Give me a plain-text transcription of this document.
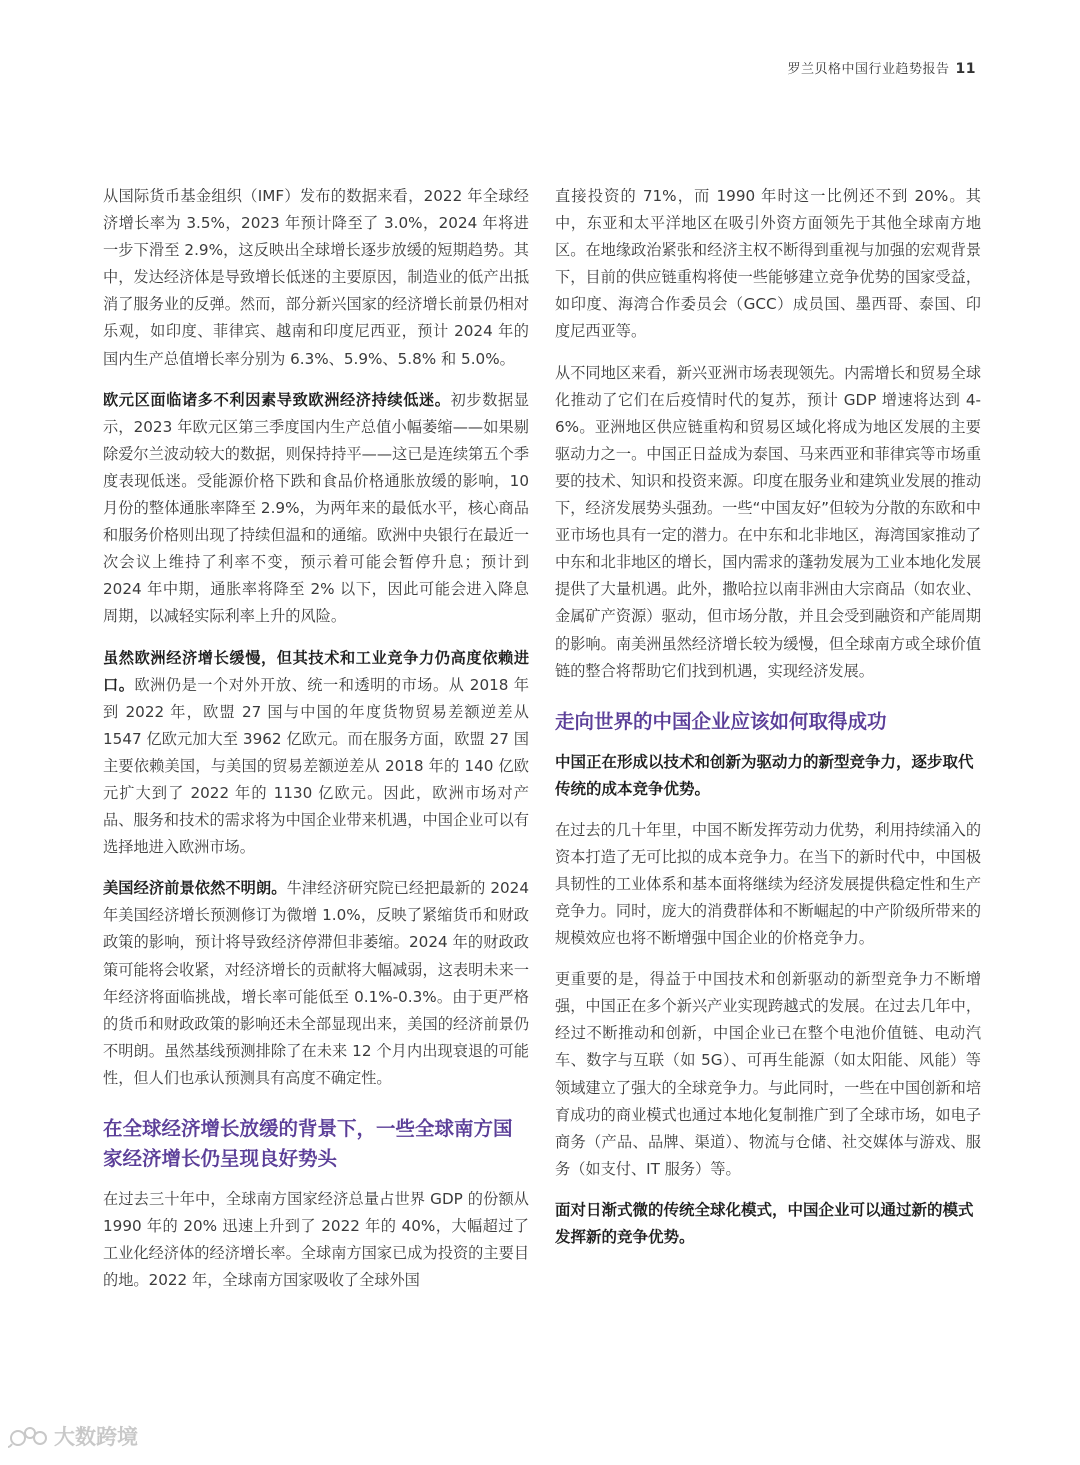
罗兰贝格中国行业趋势报告 11

从国际货币基金组织（IMF）发布的数据来看，2022 年全球经济增长率为 3.5%，2023 年预计降至了 3.0%，2024 年将进一步下滑至 2.9%，这反映出全球增长逐步放缓的短期趋势。其中，发达经济体是导致增长低迷的主要原因，制造业的低产出抵消了服务业的反弹。然而，部分新兴国家的经济增长前景仍相对乐观，如印度、菲律宾、越南和印度尼西亚，预计 2024 年的国内生产总值增长率分别为 6.3%、5.9%、5.8% 和 5.0%。

欧元区面临诸多不利因素导致欧洲经济持续低迷。初步数据显示，2023 年欧元区第三季度国内生产总值小幅萎缩——如果剔除爱尔兰波动较大的数据，则保持持平——这已是连续第五个季度表现低迷。受能源价格下跌和食品价格通胀放缓的影响，10 月份的整体通胀率降至 2.9%，为两年来的最低水平，核心商品和服务价格则出现了持续但温和的通缩。欧洲中央银行在最近一次会议上维持了利率不变，预示着可能会暂停升息；预计到 2024 年中期，通胀率将降至 2% 以下，因此可能会进入降息周期，以减轻实际利率上升的风险。

虽然欧洲经济增长缓慢，但其技术和工业竞争力仍高度依赖进口。欧洲仍是一个对外开放、统一和透明的市场。从 2018 年到 2022 年，欧盟 27 国与中国的年度货物贸易差额逆差从 1547 亿欧元加大至 3962 亿欧元。而在服务方面，欧盟 27 国主要依赖美国，与美国的贸易差额逆差从 2018 年的 140 亿欧元扩大到了 2022 年的 1130 亿欧元。因此，欧洲市场对产品、服务和技术的需求将为中国企业带来机遇，中国企业可以有选择地进入欧洲市场。

美国经济前景依然不明朗。牛津经济研究院已经把最新的 2024 年美国经济增长预测修订为微增 1.0%，反映了紧缩货币和财政政策的影响，预计将导致经济停滞但非萎缩。2024 年的财政政策可能将会收紧，对经济增长的贡献将大幅减弱，这表明未来一年经济将面临挑战，增长率可能低至 0.1%-0.3%。由于更严格的货币和财政政策的影响还未全部显现出来，美国的经济前景仍不明朗。虽然基线预测排除了在未来 12 个月内出现衰退的可能性，但人们也承认预测具有高度不确定性。

在全球经济增长放缓的背景下，一些全球南方国家经济增长仍呈现良好势头

在过去三十年中，全球南方国家经济总量占世界 GDP 的份额从 1990 年的 20% 迅速上升到了 2022 年的 40%，大幅超过了工业化经济体的经济增长率。全球南方国家已成为投资的主要目的地。2022 年，全球南方国家吸收了全球外国

直接投资的 71%，而 1990 年时这一比例还不到 20%。其中，东亚和太平洋地区在吸引外资方面领先于其他全球南方地区。在地缘政治紧张和经济主权不断得到重视与加强的宏观背景下，目前的供应链重构将使一些能够建立竞争优势的国家受益，如印度、海湾合作委员会（GCC）成员国、墨西哥、泰国、印度尼西亚等。

从不同地区来看，新兴亚洲市场表现领先。内需增长和贸易全球化推动了它们在后疫情时代的复苏，预计 GDP 增速将达到 4-6%。亚洲地区供应链重构和贸易区域化将成为地区发展的主要驱动力之一。中国正日益成为泰国、马来西亚和菲律宾等市场重要的技术、知识和投资来源。印度在服务业和建筑业发展的推动下，经济发展势头强劲。一些“中国友好”但较为分散的东欧和中亚市场也具有一定的潜力。在中东和北非地区，海湾国家推动了中东和北非地区的增长，国内需求的蓬勃发展为工业本地化发展提供了大量机遇。此外，撒哈拉以南非洲由大宗商品（如农业、金属矿产资源）驱动，但市场分散，并且会受到融资和产能周期的影响。南美洲虽然经济增长较为缓慢，但全球南方或全球价值链的整合将帮助它们找到机遇，实现经济发展。

走向世界的中国企业应该如何取得成功
中国正在形成以技术和创新为驱动力的新型竞争力，逐步取代传统的成本竞争优势。

在过去的几十年里，中国不断发挥劳动力优势，利用持续涌入的资本打造了无可比拟的成本竞争力。在当下的新时代中，中国极具韧性的工业体系和基本面将继续为经济发展提供稳定性和生产竞争力。同时，庞大的消费群体和不断崛起的中产阶级所带来的规模效应也将不断增强中国企业的价格竞争力。

更重要的是，得益于中国技术和创新驱动的新型竞争力不断增强，中国正在多个新兴产业实现跨越式的发展。在过去几年中，经过不断推动和创新，中国企业已在整个电池价值链、电动汽车、数字与互联（如 5G）、可再生能源（如太阳能、风能）等领域建立了强大的全球竞争力。与此同时，一些在中国创新和培育成功的商业模式也通过本地化复制推广到了全球市场，如电子商务（产品、品牌、渠道）、物流与仓储、社交媒体与游戏、服务（如支付、IT 服务）等。

面对日渐式微的传统全球化模式，中国企业可以通过新的模式发挥新的竞争优势。
大数跨境
